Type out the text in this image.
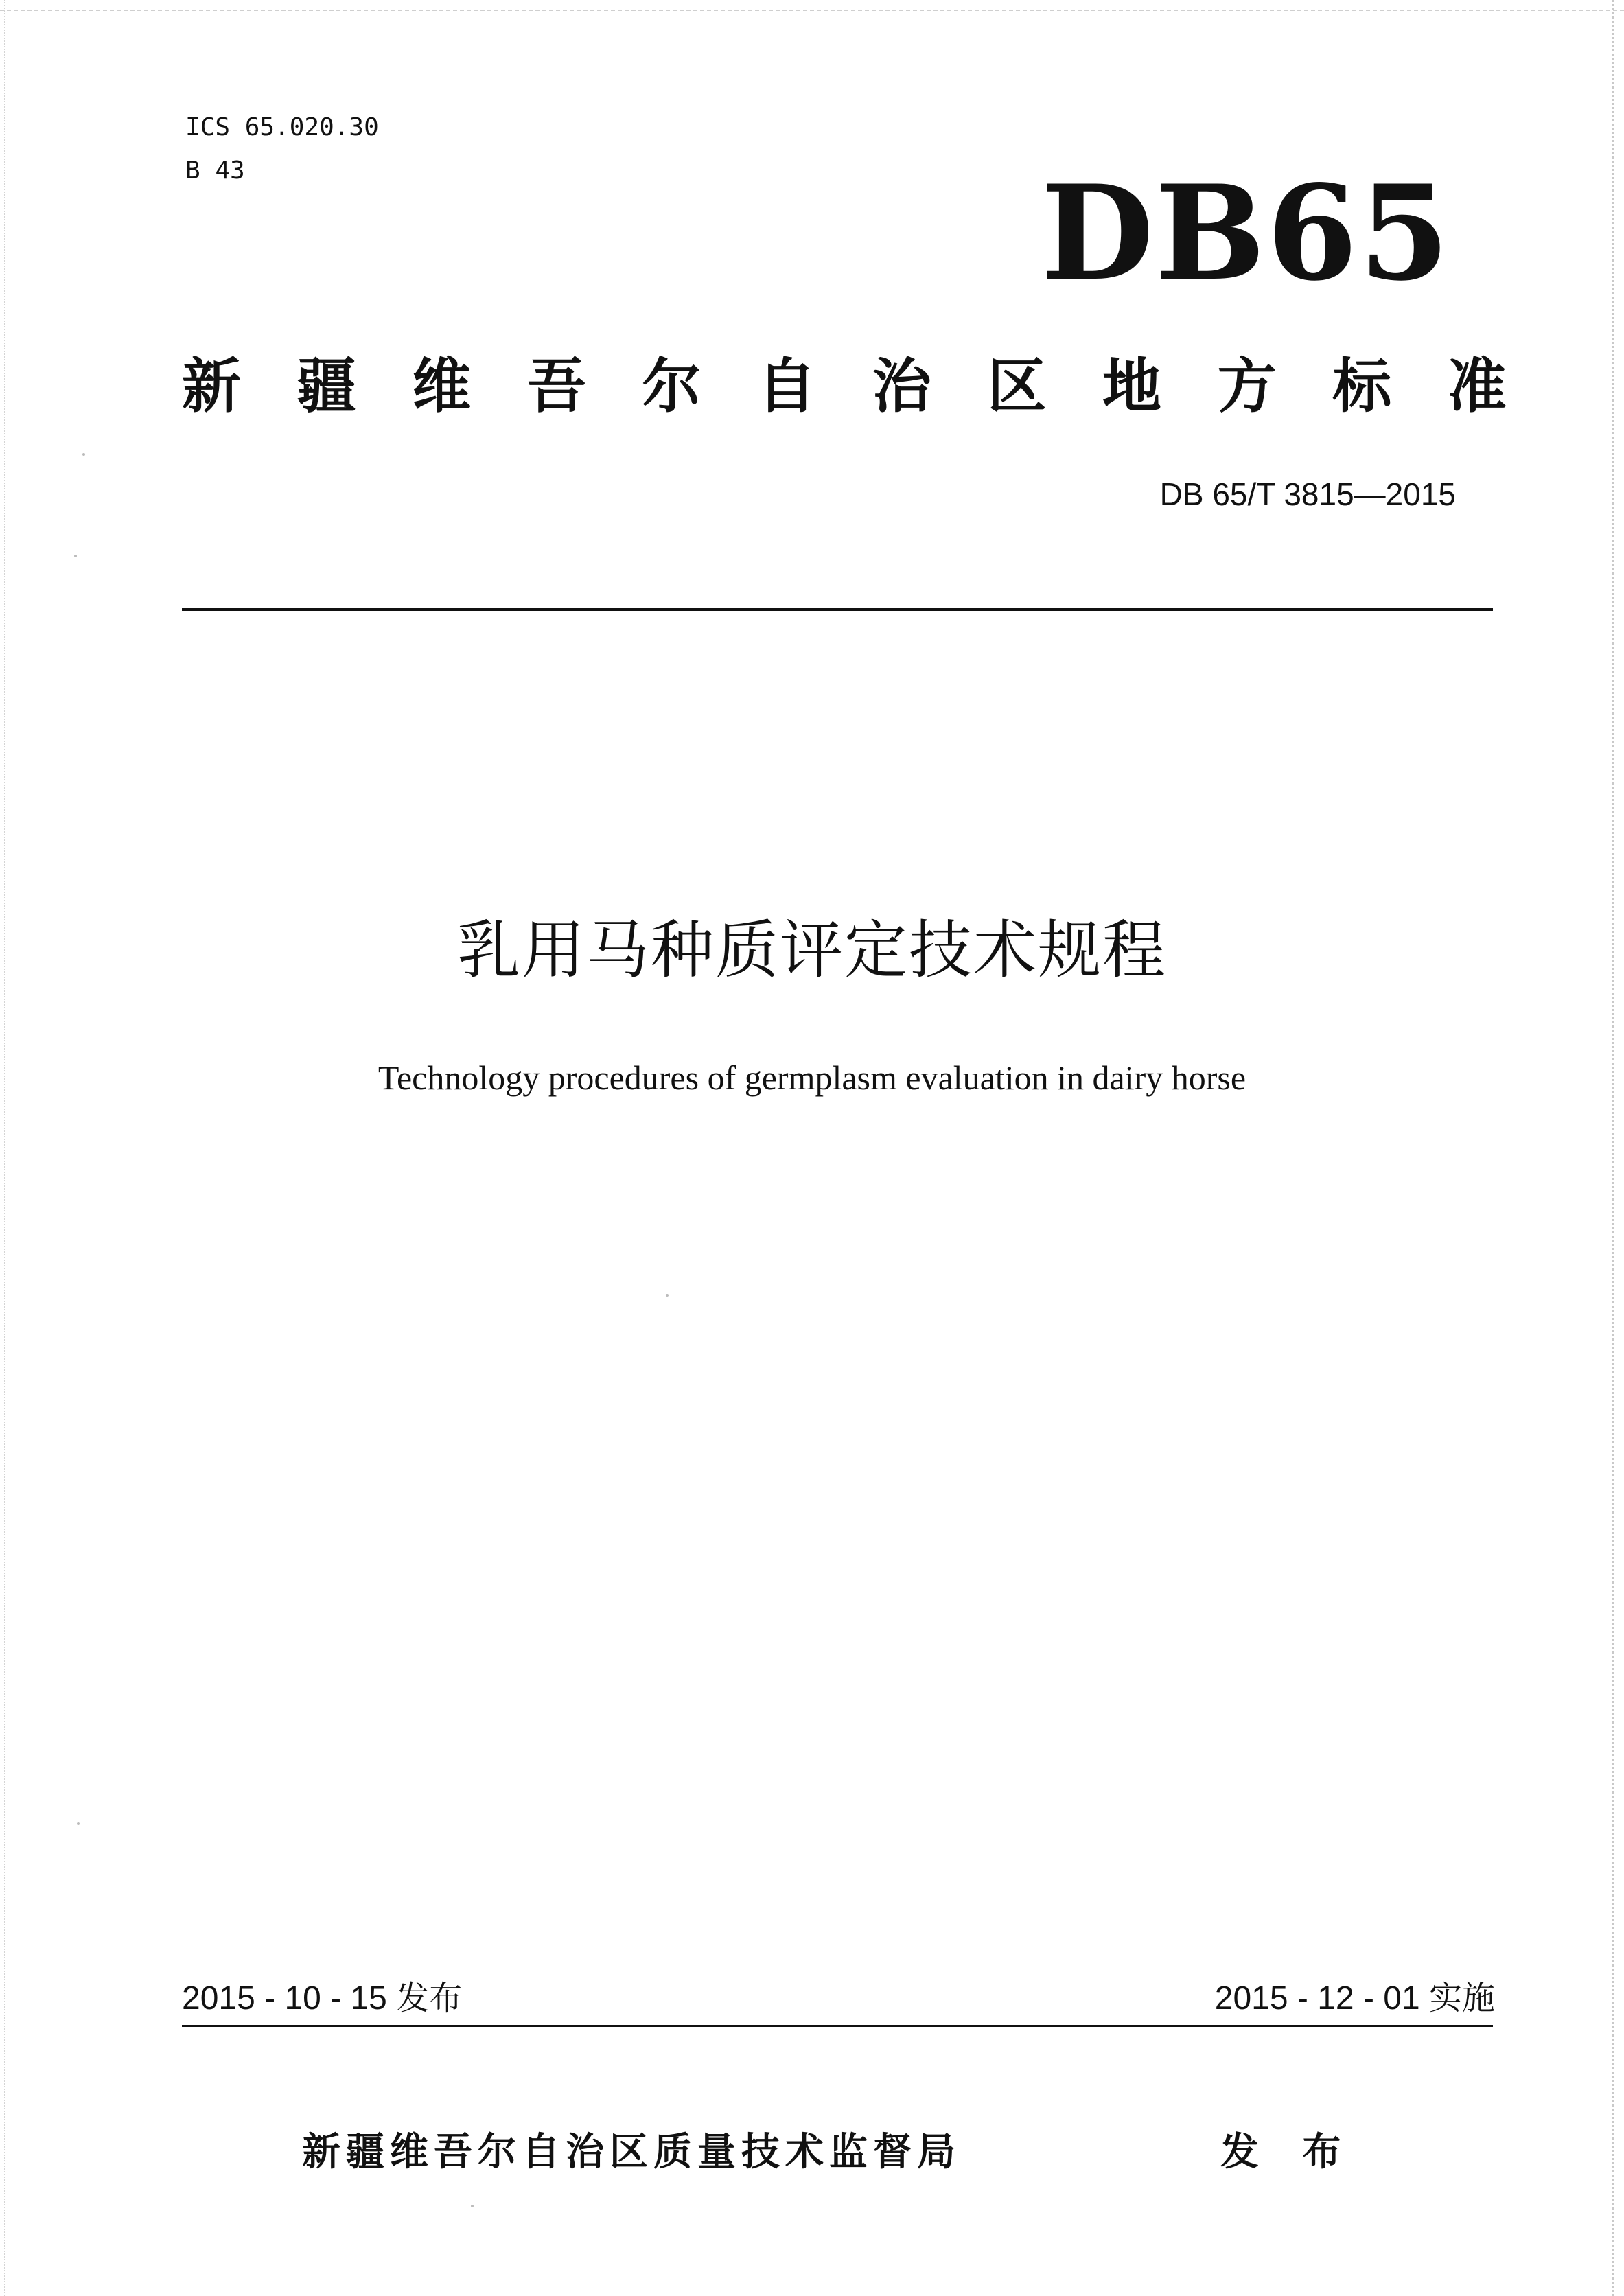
ICS 65.020.30
B 43	DB65
新 疆 维 吾 尔 自 治 区 地 方 标 准
DB 65/T 3815—2015
乳用马种质评定技术规程
Technology procedures of germplasm evaluation in dairy horse
2015 - 10 - 15 发布	2015 - 12 - 01 实施
新疆维吾尔自治区质量技术监督局	发 布
